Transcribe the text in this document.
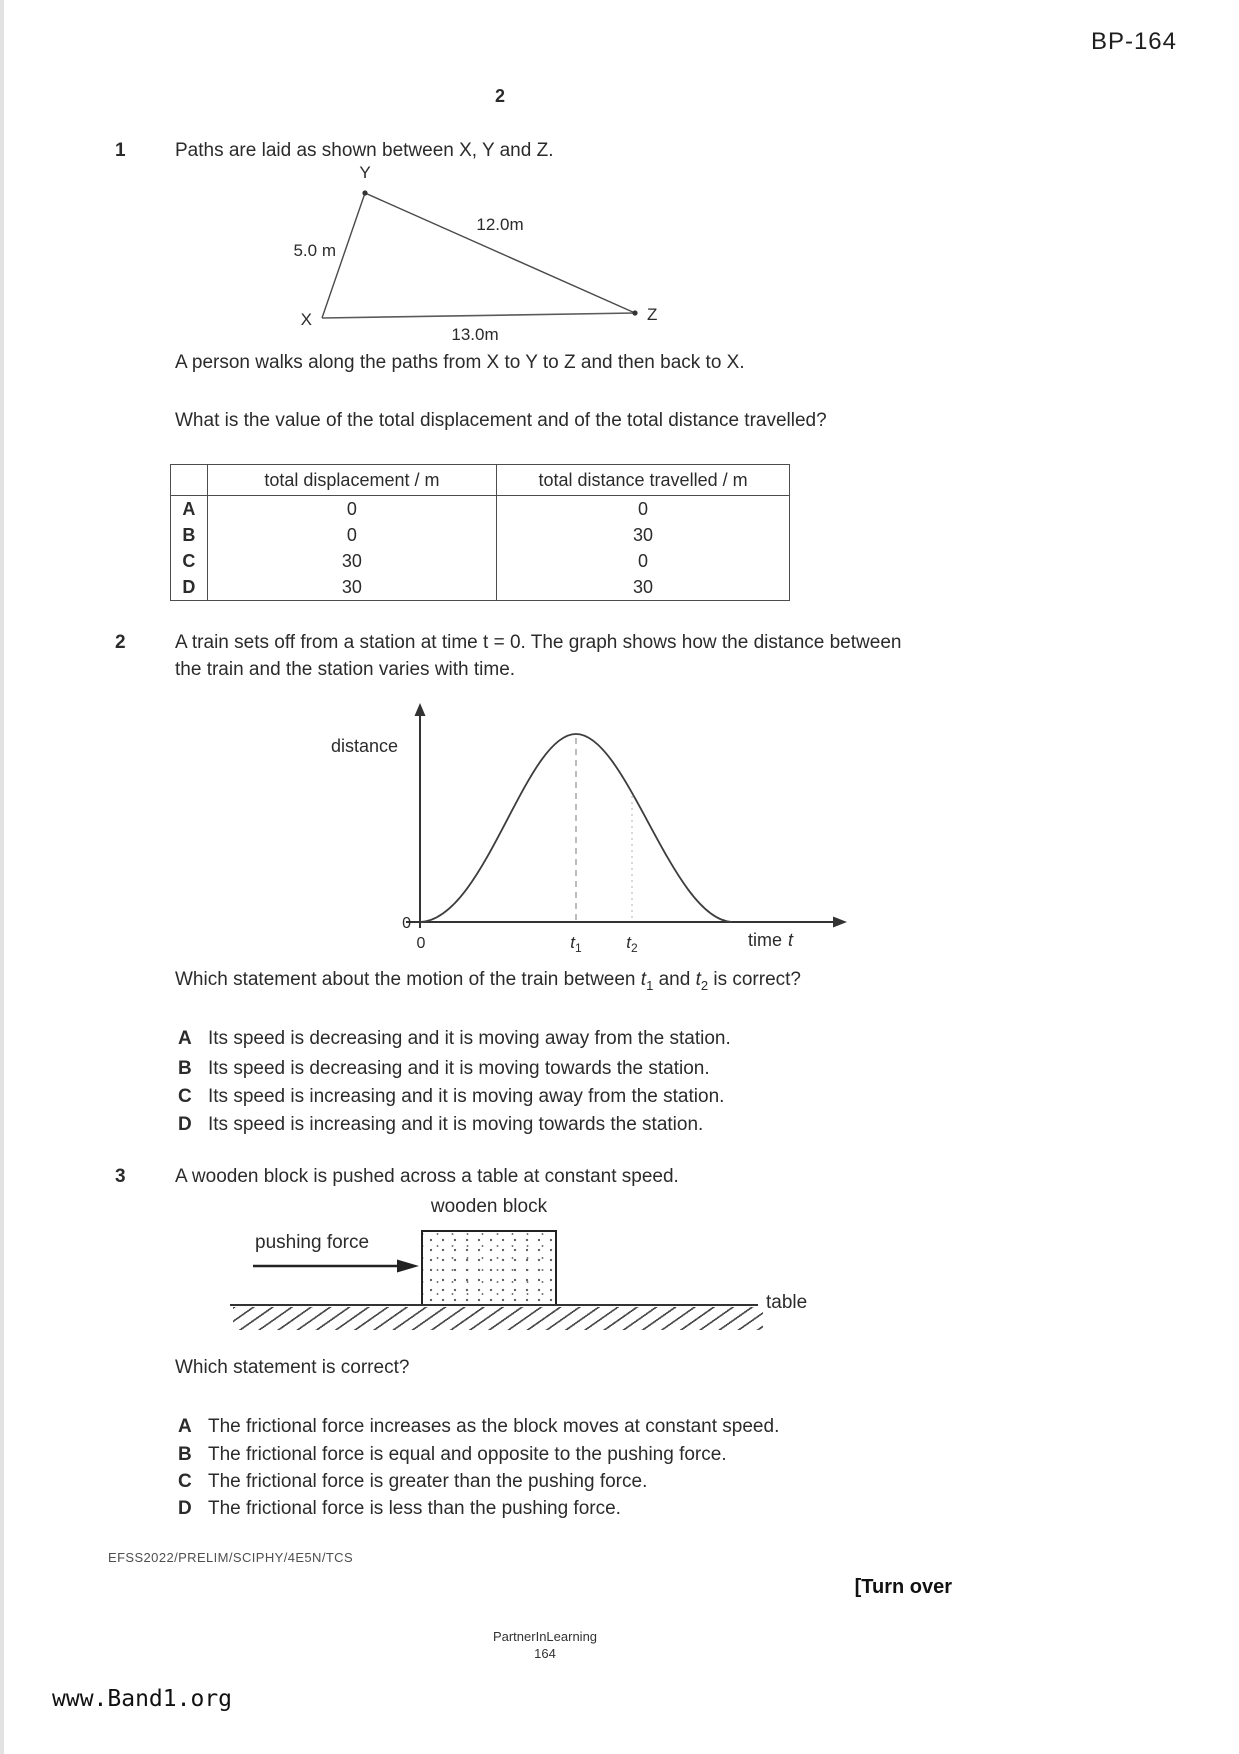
BP-164
2
1	Paths are laid as shown between X, Y and Z.
Y
X	Z
5.0 m
12.0m
13.0m
A person walks along the paths from X to Y to Z and then back to X.
What is the value of the total displacement and of the total distance travelled?
	total displacement / m	total distance travelled / m
A	0	0
B	0	30
C	30	0
D	30	30
2	A train sets off from a station at time t = 0. The graph shows how the distance between
the train and the station varies with time.
distance
0
0	$t_1$	$t_2$	time t
Which statement about the motion of the train between $t_1$ and $t_2$ is correct?
A Its speed is decreasing and it is moving away from the station.
B Its speed is decreasing and it is moving towards the station.
C Its speed is increasing and it is moving away from the station.
D Its speed is increasing and it is moving towards the station.
3	A wooden block is pushed across a table at constant speed.
wooden block
pushing force
table
Which statement is correct?
A The frictional force increases as the block moves at constant speed.
B The frictional force is equal and opposite to the pushing force.
C The frictional force is greater than the pushing force.
D The frictional force is less than the pushing force.
EFSS2022/PRELIM/SCIPHY/4E5N/TCS
[Turn over
PartnerInLearning
164
www.Band1.org
